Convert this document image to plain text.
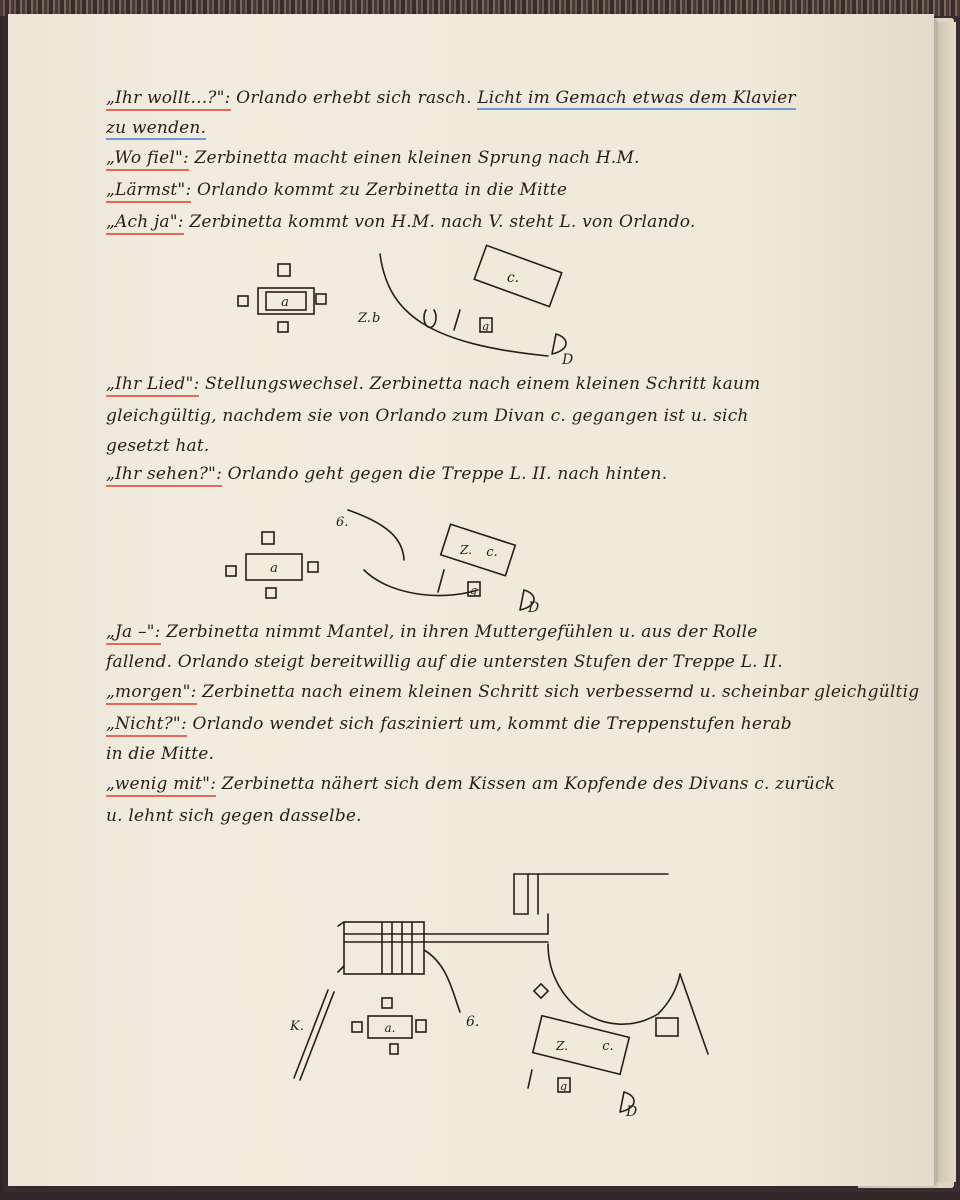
„Ihr wollt...?": Orlando erhebt sich rasch. Licht im Gemach etwas dem Klavier

zu wenden.

„Wo fiel": Zerbinetta macht einen kleinen Sprung nach H.M.

„Lärmst": Orlando kommt zu Zerbinetta in die Mitte

„Ach ja": Zerbinetta kommt von H.M. nach V. steht L. von Orlando.

„Ihr Lied": Stellungswechsel. Zerbinetta nach einem kleinen Schritt kaum

gleichgültig, nachdem sie von Orlando zum Divan c. gegangen ist u. sich

gesetzt hat.

„Ihr sehen?": Orlando geht gegen die Treppe L. II. nach hinten.

„Ja –": Zerbinetta nimmt Mantel, in ihren Muttergefühlen u. aus der Rolle

fallend. Orlando steigt bereitwillig auf die untersten Stufen der Treppe L. II.

„morgen": Zerbinetta nach einem kleinen Schritt sich verbessernd u. scheinbar gleichgültig

„Nicht?": Orlando wendet sich fasziniert um, kommt die Treppenstufen herab

in die Mitte.

„wenig mit": Zerbinetta nähert sich dem Kissen am Kopfende des Divans c. zurück

u. lehnt sich gegen dasselbe.

a
c.
Z. b
g
D
a
c.
Z.
6.
g
D
a.
c.
Z.
6.
K.
g
D
